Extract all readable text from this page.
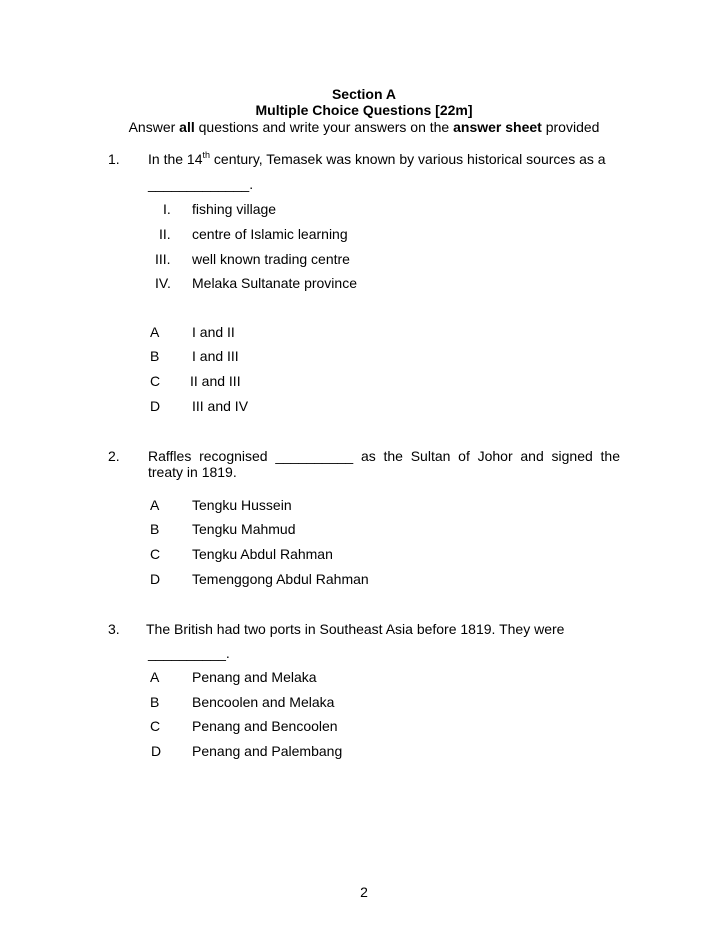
Section A
Multiple Choice Questions [22m]
Answer all questions and write your answers on the answer sheet provided
1. In the 14th century, Temasek was known by various historical sources as a
_____________.
I. fishing village
II. centre of Islamic learning
III. well known trading centre
IV. Melaka Sultanate province
A I and II
B I and III
C II and III
D III and IV
2. Raffles recognised __________ as the Sultan of Johor and signed the
treaty in 1819.
A Tengku Hussein
B Tengku Mahmud
C Tengku Abdul Rahman
D Temenggong Abdul Rahman
3. The British had two ports in Southeast Asia before 1819. They were
__________.
A Penang and Melaka
B Bencoolen and Melaka
C Penang and Bencoolen
D Penang and Palembang
2
